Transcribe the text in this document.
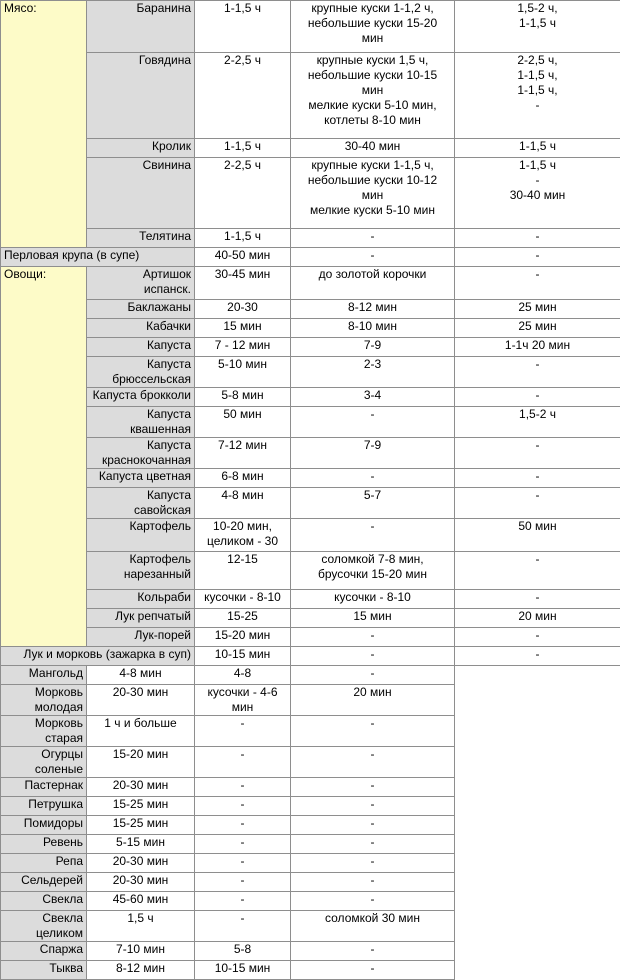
Мясо:	Баранина	1-1,5 ч	крупные куски 1-1,2 ч,
небольшие куски 15-20
мин	1,5-2 ч,
1-1,5 ч
	Говядина	2-2,5 ч	крупные куски 1,5 ч,
небольшие куски 10-15
мин
мелкие куски 5-10 мин,
котлеты 8-10 мин	2-2,5 ч,
1-1,5 ч,
1-1,5 ч,
-
	Кролик	1-1,5 ч	30-40 мин	1-1,5 ч
	Свинина	2-2,5 ч	крупные куски 1-1,5 ч,
небольшие куски 10-12
мин
мелкие куски 5-10 мин	1-1,5 ч
-
30-40 мин
	Телятина	1-1,5 ч	-	-
Перловая крупа (в супе)		40-50 мин	-	-
Овощи:	Артишок
испанск.	30-45 мин	до золотой корочки	-
	Баклажаны	20-30	8-12 мин	25 мин
	Кабачки	15 мин	8-10 мин	25 мин
	Капуста	7 - 12 мин	7-9	1-1ч 20 мин
	Капуста брюссельская	5-10 мин	2-3	-
	Капуста брокколи	5-8 мин	3-4	-
	Капуста квашенная	50 мин	-	1,5-2 ч
	Капуста краснокочанная	7-12 мин	7-9	-
	Капуста цветная	6-8 мин	-	-
	Капуста савойская	4-8 мин	5-7	-
	Картофель	10-20 мин,
целиком - 30	-	50 мин
	Картофель нарезанный	12-15	соломкой 7-8 мин,
брусочки 15-20 мин	-
	Кольраби	кусочки - 8-10	кусочки - 8-10	-
	Лук репчатый	15-25	15 мин	20 мин
	Лук-порей	15-20 мин	-	-
Лук и морковь (зажарка в суп)		10-15 мин	-	-
Мангольд	4-8 мин	4-8	-	
Морковь молодая	20-30 мин	кусочки - 4-6 мин	20 мин	
Морковь старая	1 ч и больше	-	-	
Огурцы соленые	15-20 мин	-	-	
Пастернак	20-30 мин	-	-	
Петрушка	15-25 мин	-	-	
Помидоры	15-25 мин	-	-	
Ревень	5-15 мин	-	-	
Репа	20-30 мин	-	-	
Сельдерей	20-30 мин	-	-	
Свекла	45-60 мин	-	-	
Свекла целиком	1,5 ч	-	соломкой 30 мин	
Спаржа	7-10 мин	5-8	-	
Тыква	8-12 мин	10-15 мин	-	
